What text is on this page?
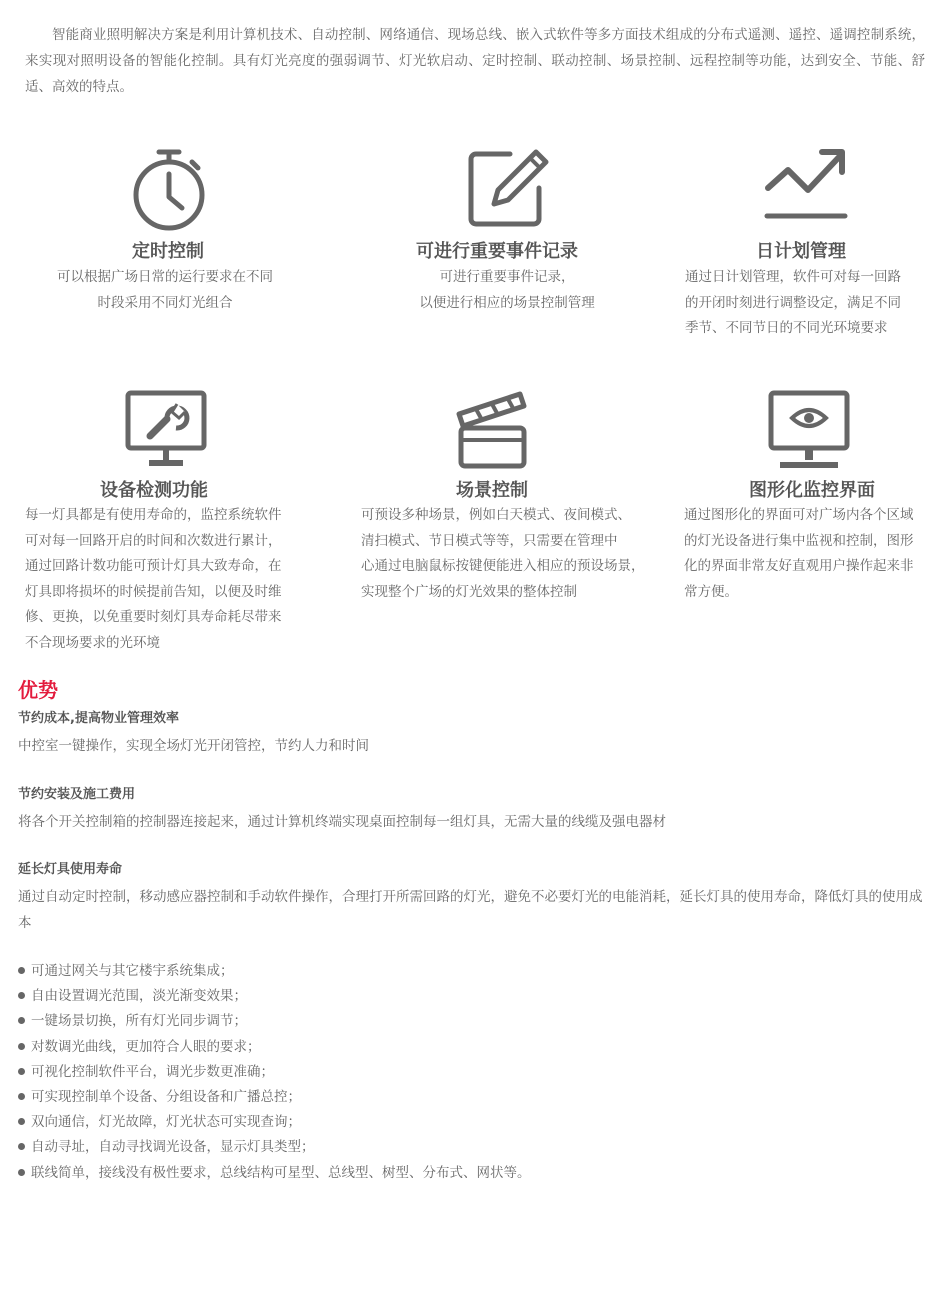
智能商业照明解决方案是利用计算机技术、自动控制、网络通信、现场总线、嵌入式软件等多方面技术组成的分布式遥测、遥控、遥调控制系统，来实现对照明设备的智能化控制。具有灯光亮度的强弱调节、灯光软启动、定时控制、联动控制、场景控制、远程控制等功能，达到安全、节能、舒适、高效的特点。

定时控制

可以根据广场日常的运行要求在不同
时段采用不同灯光组合

可进行重要事件记录

可进行重要事件记录，
以便进行相应的场景控制管理

日计划管理

通过日计划管理，软件可对每一回路
的开闭时刻进行调整设定，满足不同
季节、不同节日的不同光环境要求

设备检测功能

每一灯具都是有使用寿命的，监控系统软件
可对每一回路开启的时间和次数进行累计，
通过回路计数功能可预计灯具大致寿命，在
灯具即将损坏的时候提前告知，以便及时维
修、更换，以免重要时刻灯具寿命耗尽带来
不合现场要求的光环境

场景控制

可预设多种场景，例如白天模式、夜间模式、
清扫模式、节日模式等等，只需要在管理中
心通过电脑鼠标按键便能进入相应的预设场景，
实现整个广场的灯光效果的整体控制

图形化监控界面

通过图形化的界面可对广场内各个区域
的灯光设备进行集中监视和控制，图形
化的界面非常友好直观用户操作起来非
常方便。

优势

节约成本,提高物业管理效率

中控室一键操作，实现全场灯光开闭管控，节约人力和时间

节约安装及施工费用

将各个开关控制箱的控制器连接起来，通过计算机终端实现桌面控制每一组灯具，无需大量的线缆及强电器材

延长灯具使用寿命

通过自动定时控制，移动感应器控制和手动软件操作，合理打开所需回路的灯光，避免不必要灯光的电能消耗，延长灯具的使用寿命，降低灯具的使用成本

可通过网关与其它楼宇系统集成；
自由设置调光范围，淡光渐变效果；
一键场景切换，所有灯光同步调节；
对数调光曲线，更加符合人眼的要求；
可视化控制软件平台，调光步数更准确；
可实现控制单个设备、分组设备和广播总控；
双向通信，灯光故障，灯光状态可实现查询；
自动寻址，自动寻找调光设备，显示灯具类型；
联线简单，接线没有极性要求，总线结构可星型、总线型、树型、分布式、网状等。
